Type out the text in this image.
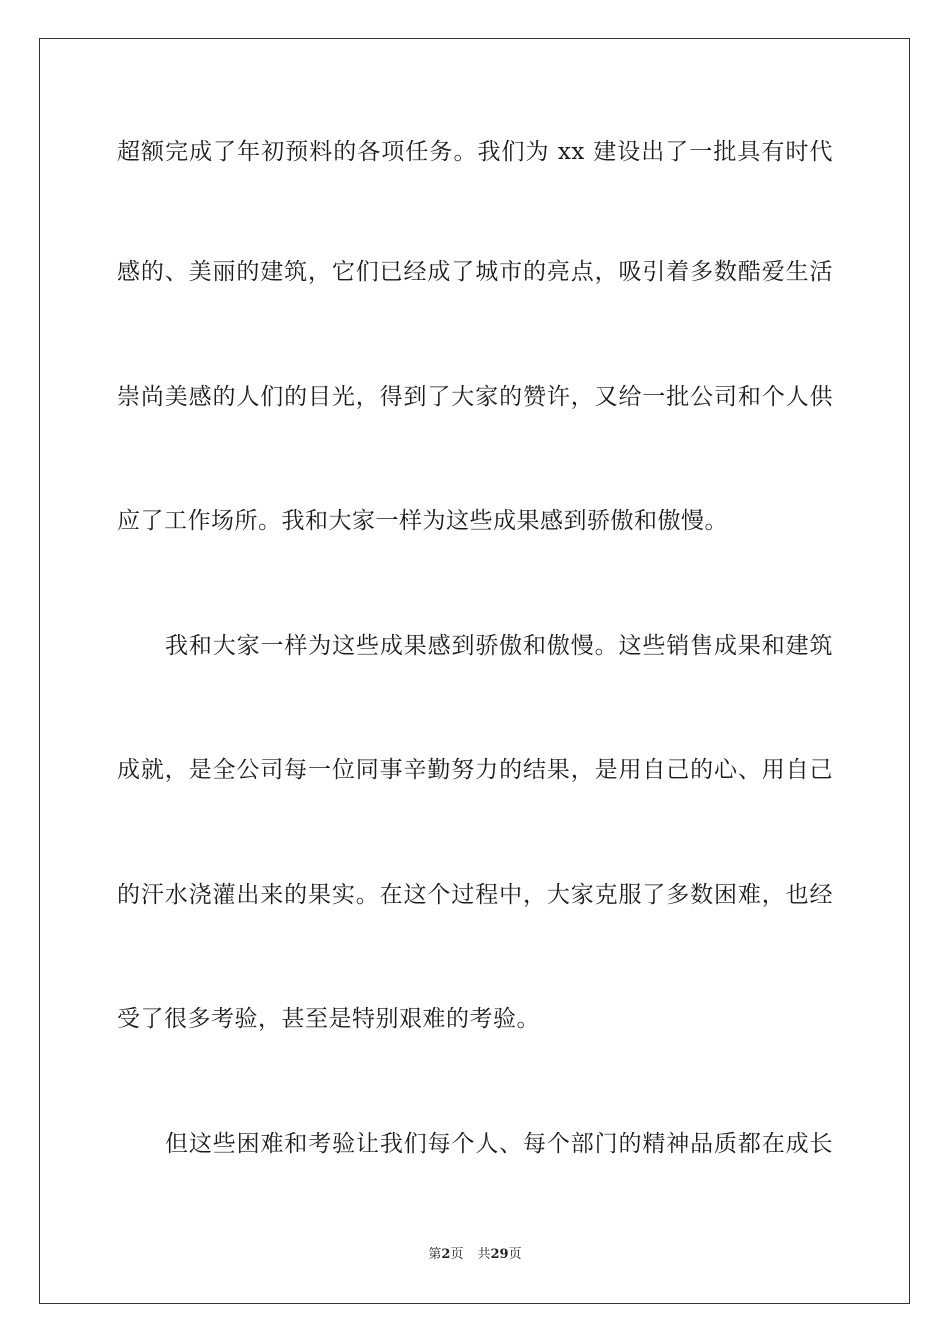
超额完成了年初预料的各项任务。我们为 xx 建设出了一批具有时代
感的、美丽的建筑，它们已经成了城市的亮点，吸引着多数酷爱生活
崇尚美感的人们的目光，得到了大家的赞许，又给一批公司和个人供
应了工作场所。我和大家一样为这些成果感到骄傲和傲慢。
我和大家一样为这些成果感到骄傲和傲慢。这些销售成果和建筑
成就，是全公司每一位同事辛勤努力的结果，是用自己的心、用自己
的汗水浇灌出来的果实。在这个过程中，大家克服了多数困难，也经
受了很多考验，甚至是特别艰难的考验。
但这些困难和考验让我们每个人、每个部门的精神品质都在成长
第2页 共29页
